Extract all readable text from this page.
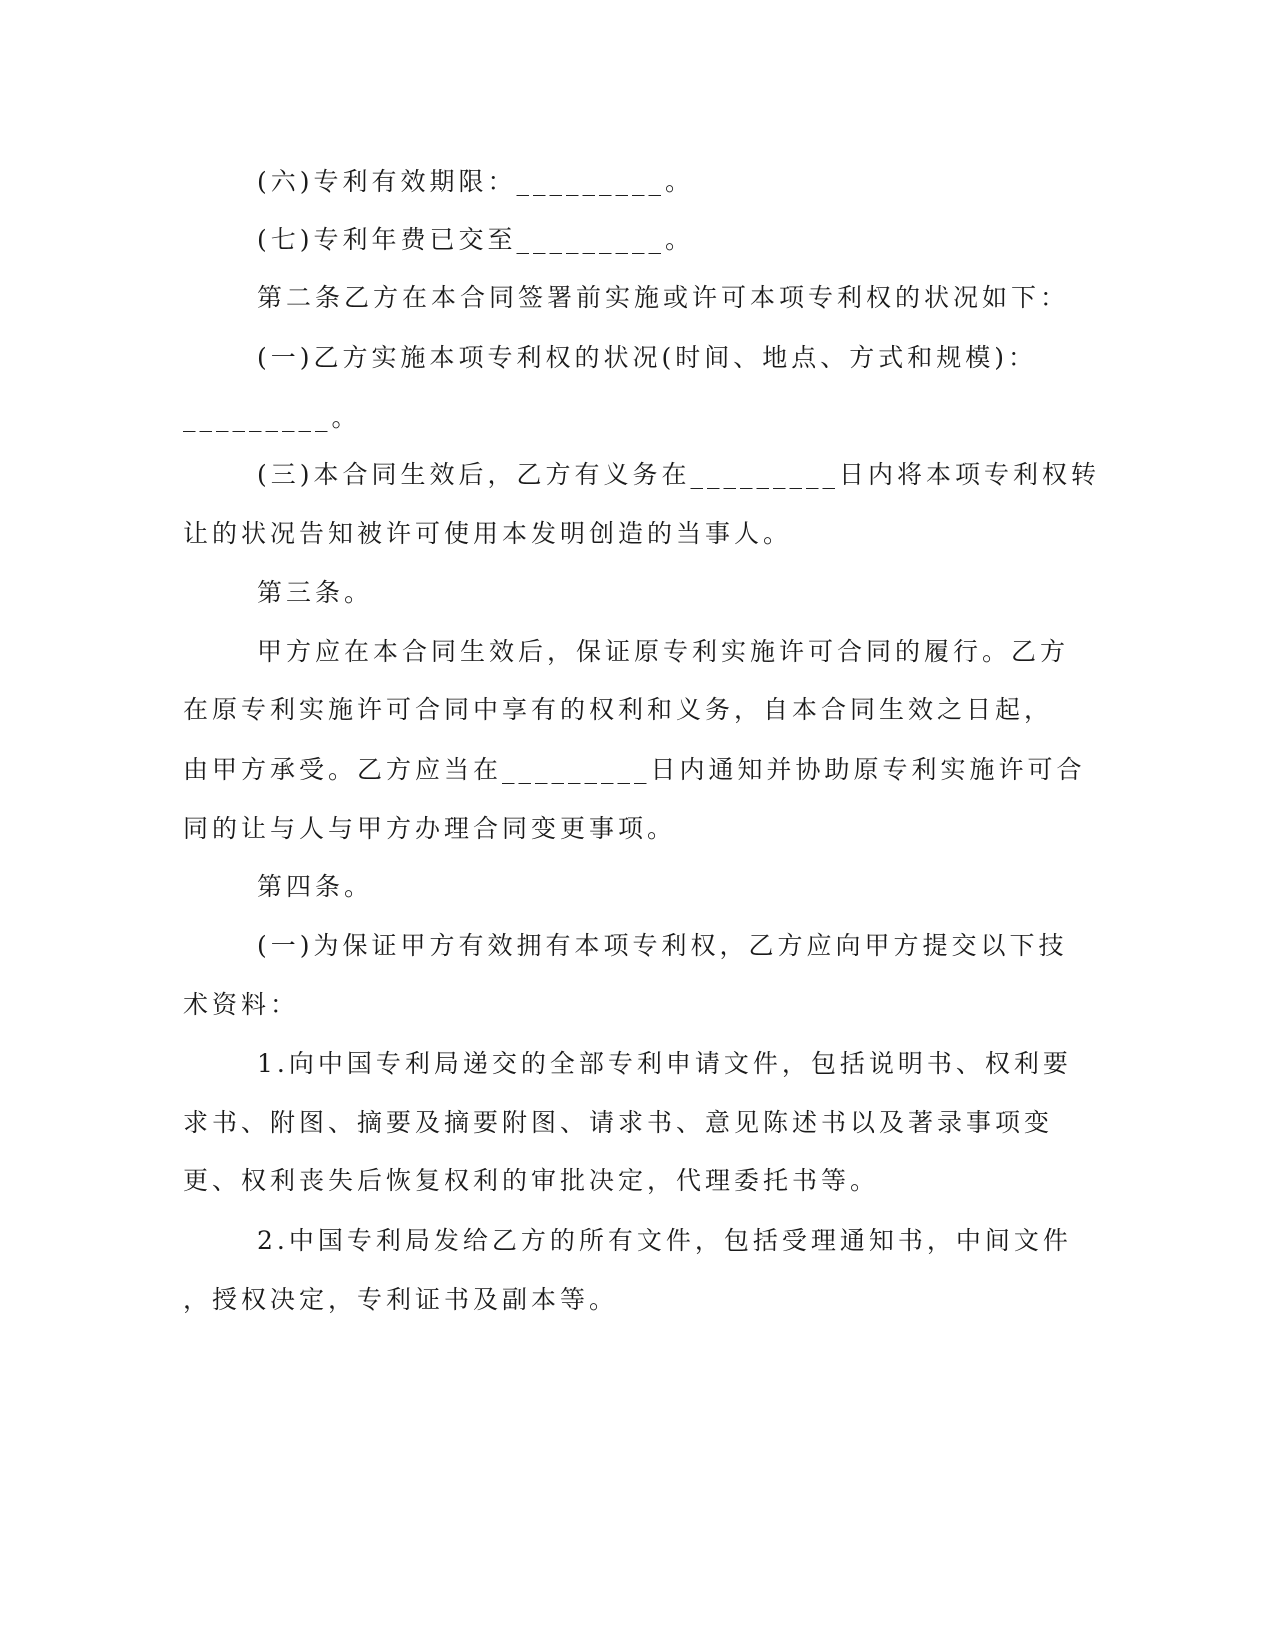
(六)专利有效期限：_________。
(七)专利年费已交至_________。
第二条乙方在本合同签署前实施或许可本项专利权的状况如下：
(一)乙方实施本项专利权的状况(时间、地点、方式和规模)：
_________。
(三)本合同生效后，乙方有义务在_________日内将本项专利权转
让的状况告知被许可使用本发明创造的当事人。
第三条。
甲方应在本合同生效后，保证原专利实施许可合同的履行。乙方
在原专利实施许可合同中享有的权利和义务，自本合同生效之日起，
由甲方承受。乙方应当在_________日内通知并协助原专利实施许可合
同的让与人与甲方办理合同变更事项。
第四条。
(一)为保证甲方有效拥有本项专利权，乙方应向甲方提交以下技
术资料：
1.向中国专利局递交的全部专利申请文件，包括说明书、权利要
求书、附图、摘要及摘要附图、请求书、意见陈述书以及著录事项变
更、权利丧失后恢复权利的审批决定，代理委托书等。
2.中国专利局发给乙方的所有文件，包括受理通知书，中间文件
，授权决定，专利证书及副本等。
